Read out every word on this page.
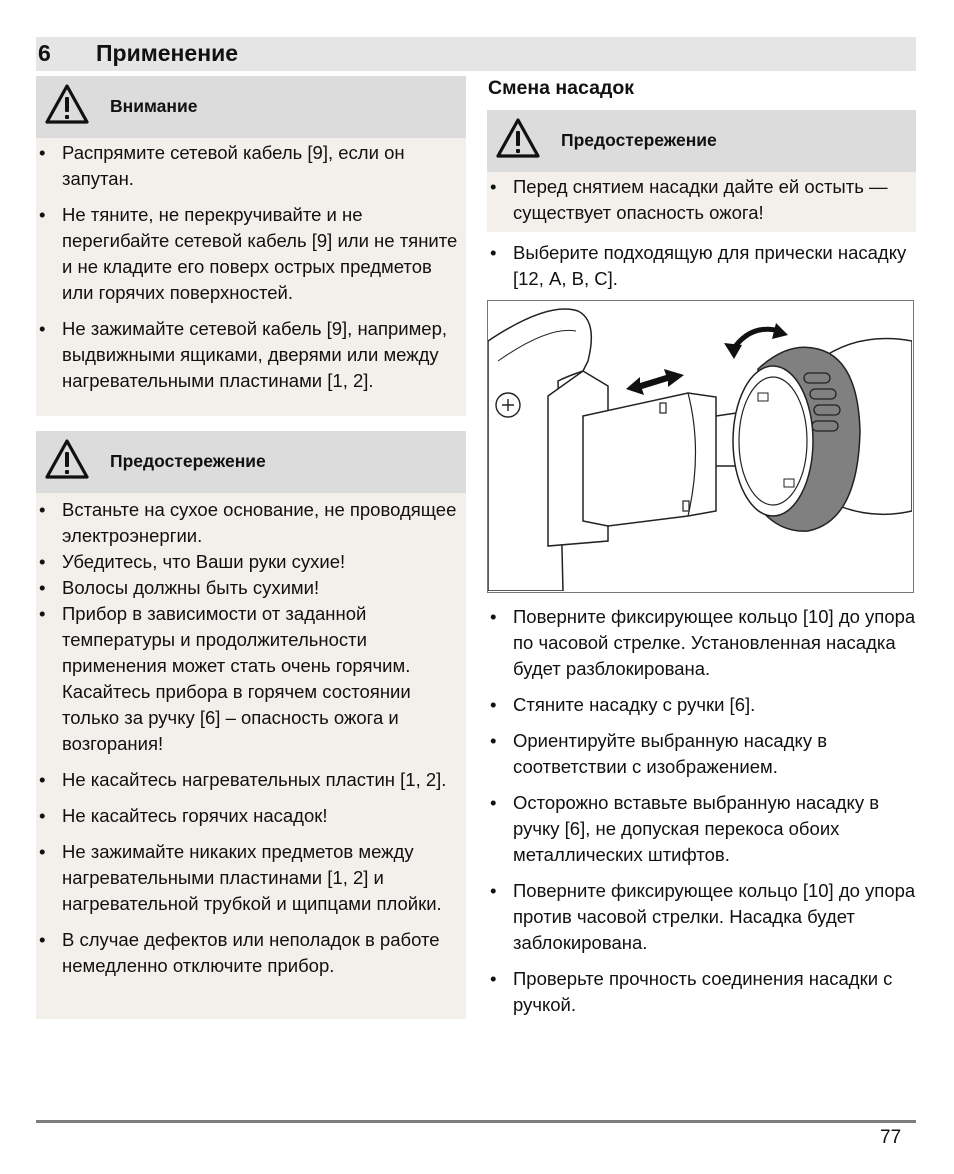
6 Применение
Внимание
• Распрямите сетевой кабель [9], если он запутан.
• Не тяните, не перекручивайте и не перегибайте сетевой кабель [9] или не тяните и не кладите его поверх острых предметов или горячих поверхностей.
• Не зажимайте сетевой кабель [9], например, выдвижными ящиками, дверями или между нагревательными пластинами [1, 2].
Предостережение
• Встаньте на сухое основание, не проводящее электроэнергии.
• Убедитесь, что Ваши руки сухие!
• Волосы должны быть сухими!
• Прибор в зависимости от заданной температуры и продолжительности применения может стать очень горячим. Касайтесь прибора в горячем состоянии только за ручку [6] – опасность ожога и возгорания!
• Не касайтесь нагревательных пластин [1, 2].
• Не касайтесь горячих насадок!
• Не зажимайте никаких предметов между нагревательными пластинами [1, 2] и нагревательной трубкой и щипцами плойки.
• В случае дефектов или неполадок в работе немедленно отключите прибор.
Смена насадок
Предостережение
• Перед снятием насадки дайте ей остыть — существует опасность ожога!
• Выберите подходящую для прически насадку [12, A, B, C].
• Поверните фиксирующее кольцо [10] до упора по часовой стрелке. Установленная насадка будет разблокирована.
• Стяните насадку с ручки [6].
• Ориентируйте выбранную насадку в соответствии с изображением.
• Осторожно вставьте выбранную насадку в ручку [6], не допуская перекоса обоих металлических штифтов.
• Поверните фиксирующее кольцо [10] до упора против часовой стрелки. Насадка будет заблокирована.
• Проверьте прочность соединения насадки с ручкой.
77
